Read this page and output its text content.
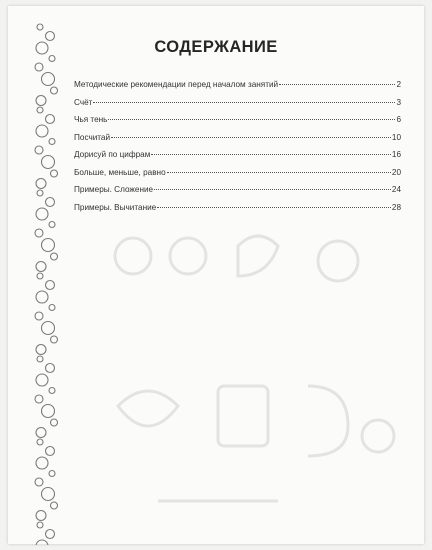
СОДЕРЖАНИЕ
Методические рекомендации перед началом занятий	2
Счёт	3
Чья тень	6
Посчитай	10
Дорисуй по цифрам	16
Больше, меньше, равно	20
Примеры. Сложение	24
Примеры. Вычитание	28
